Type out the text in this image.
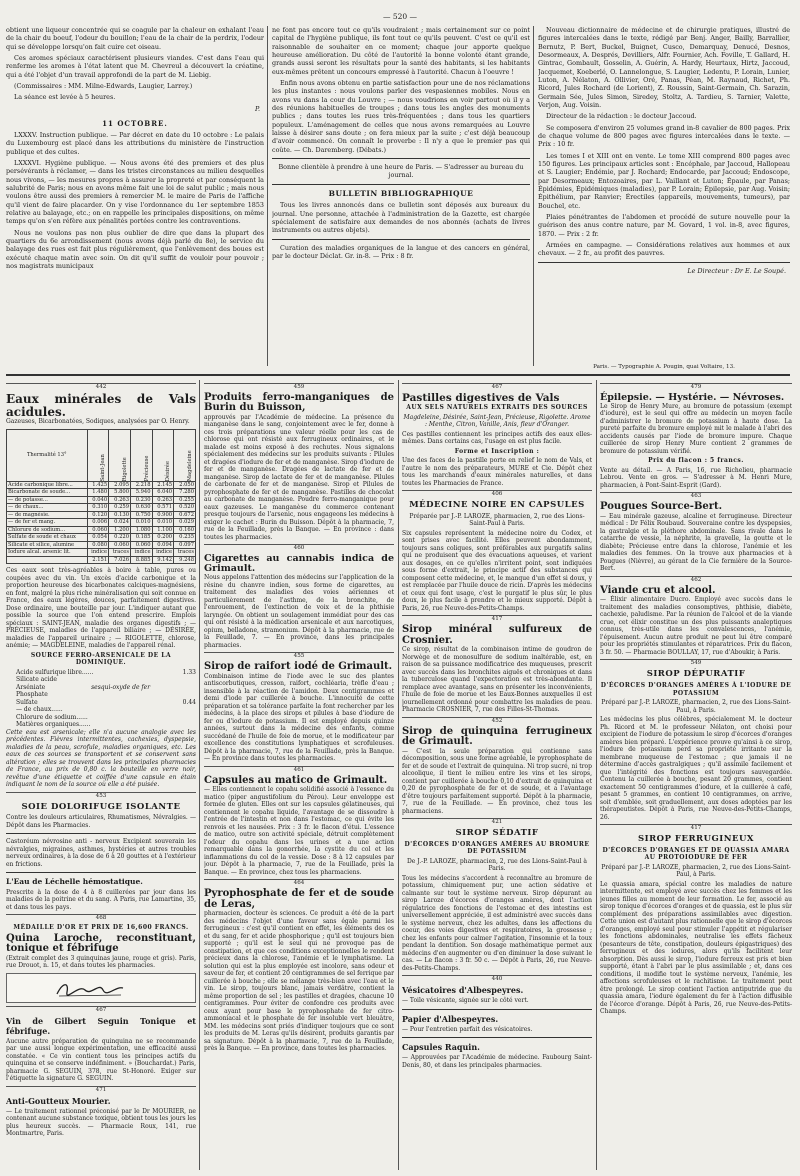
— 520 —

obtient une liqueur concentrée qui se coagule par la chaleur en exhalant l'eau de la chair du boeuf, l'odeur du bouillon; l'eau de la chair de la perdrix, l'odeur qui se développe lorsqu'on fait cuire cet oiseau.

Ces aromes spéciaux caractérisent plusieurs viandes. C'est dans l'eau qui renferme les aromes à l'état latent que M. Chevreul a découvert la créatine, qui a été l'objet d'un travail approfondi de la part de M. Liebig.

(Commissaires : MM. Milne-Edwards, Laugier, Larrey.)

La séance est levée à 5 heures.

P.
11 OCTOBRE.

LXXXV. Instruction publique. — Par décret en date du 10 octobre : Le palais du Luxembourg est placé dans les attributions du ministère de l'instruction publique et des cultes.

LXXXVI. Hygiène publique. — Nous avons été des premiers et des plus persévérants à réclamer, — dans les tristes circonstances au milieu desquelles nous vivons, — les mesures propres à assurer la propreté et par conséquent la salubrité de Paris; nous en avons même fait une loi de salut public ; mais nous voulons être aussi des premiers à remercier M. le maire de Paris de l'affiche qu'il vient de faire placarder. On y vise l'ordonnance du 1er septembre 1853 relative au balayage, etc.; on en rappelle les principales dispositions, on même temps qu'on s'en réfère aux pénalités portées contre les contraventions.

Nous ne voulons pas non plus oublier de dire que dans la plupart des quartiers du 6e arrondissement (nous avons déjà parlé du 8e), le service du balayage des rues est fait plus régulièrement, que l'enlèvement des boues est exécuté chaque matin avec soin. On dit qu'il suffit de vouloir pour pouvoir ; nos magistrats municipaux

ne font pas encore tout ce qu'ils voudraient ; mais certainement sur ce point capital de l'hygiène publique, ils font tout ce qu'ils peuvent. C'est ce qu'il est raisonnable de souhaiter en ce moment; chaque jour apporte quelque heureuse amélioration. Du côté de l'autorité la bonne volonté étant grande, grands aussi seront les résultats pour la santé des habitants, si les habitants eux-mêmes prêtent un concours empressé à l'autorité. Chacun à l'oeuvre !

Enfin nous avons obtenu en partie satisfaction pour une de nos réclamations les plus instantes : nous voulons parler des vespasiennes mobiles. Nous en avons vu dans la cour du Louvre ; — nous voudrions en voir partout où il y a des réunions habituelles de troupes ; dans tous les angles des monuments publics ; dans toutes les rues très-fréquentées ; dans tous les quartiers populeux. L'aménagement de celles que nous avons remarquées au Louvre laisse à désirer sans doute ; on fera mieux par la suite ; c'est déjà beaucoup d'avoir commencé. On connaît le proverbe : Il n'y a que le premier pas qui coûte. — Ch. Daremberg. (Débats.)

Bonne clientèle à prendre à une heure de Paris. — S'adresser au bureau du journal.

BULLETIN BIBLIOGRAPHIQUE

Tous les livres annoncés dans ce bulletin sont déposés aux bureaux du journal. Une personne, attachée à l'administration de la Gazette, est chargée spécialement de satisfaire aux demandes de nos abonnés (achats de livres instruments ou autres objets).

Curation des maladies organiques de la langue et des cancers en général, par le docteur Déclat. Gr. in-8. — Prix : 8 fr.

Nouveau dictionnaire de médecine et de chirurgie pratiques, illustré de figures intercalées dans le texte, rédigé par Benj. Anger, Bailly, Barrallier, Bernutz, P. Bert, Buckel, Buignet, Cusco, Demarquay, Denucé, Desnos, Desormeaux, A. Després, Devilliers, Alfr. Fournier, Ach. Foville, T. Gallard, H. Gintrac, Gombault, Gosselin, A. Guérin, A. Hardy, Heurtaux, Hirtz, Jaccoud, Jacquemet, Koeberlé, O. Lannelongue, S. Laugier, Ledentu, P. Lorain, Lunier, Luton, A. Nélaton, A. Ollivier, Oré, Panas, Péan, M. Raynaud, Richet, Ph. Ricord, Jules Rochard (de Lorient), Z. Roussin, Saint-Germain, Ch. Sarazin, Germain Sée, Jules Simon, Siredey, Stoltz, A. Tardieu, S. Tarnier, Valette, Verjon, Aug. Voisin.

Directeur de la rédaction : le docteur Jaccoud.

Se composera d'environ 25 volumes grand in-8 cavalier de 800 pages. Prix de chaque volume de 800 pages avec figures intercalées dans le texte. — Prix : 10 fr.

Les tomes I et XIII ont en vente. Le tome XIII comprend 800 pages avec 150 figures. Les principaux articles sont : Encéphale, par Jaccoud, Hallopeau et S. Laugier; Endémie, par J. Rochard; Endocarde, par Jaccoud; Endoscope, par Desormeaux; Entozoaires, par L. Vaillant et Luton; Épaule, par Panas; Épidémies, Épidémiques (maladies), par P. Lorain; Épilepsie, par Aug. Voisin; Épithélium, par Ranvier; Érectiles (appareils, mouvements, tumeurs), par Bouchel, etc.

Plaies pénétrantes de l'abdomen et procédé de suture nouvelle pour la guérison des anus contre nature, par M. Govard, 1 vol. in-8, avec figures, 1870. — Prix : 2 fr.

Armées en campagne. — Considérations relatives aux hommes et aux chevaux. — 2 fr., au profit des pauvres.

Le Directeur : Dr E. Le Soupé.
Paris. — Typographie A. Pougin, quai Voltaire, 13.
442
Eaux minérales de Vals acidules.

Gazeuses, Bicarbonatées, Sodiques, analysées par O. Henry.

Thermalité 13°	Saint-Jean	Rigolette	Précieuse	Désirée	Magdeleine
Acide carbonique libre...	1.425	2.095	2.218	2.145	2.050
Bicarbonate de soude...	1.480	5.800	5.940	6.040	7.280
— de potasse...	0.040	0.263	0.230	0.263	0.255
— de chaux...	0.310	0.259	0.630	0.571	0.520
— de magnésie.	0.120	0.130	0.750	0.900	0.672
— de fer et mang.	0.006	0.024	0.010	0.010	0.029
Chlorure de sodium...	0.060	1.200	1.080	1.100	0.160
Sulfate de soude et chaux	0.054	0.220	0.185	0.200	0.235
Silicate et silice, alumine	0.080	0.060	0.060	0.094	0.097
Iodure alcal. arsenic lit.	indice	traces	indice	indice	traces
	2.151	7.026	8.885	9.142	9.248

Ces eaux sont très-agréables à boire à table, pures ou coupées avec du vin. Un excès d'acide carbonique et la proportion heureuse des bicarbonates calciques-magnésiens, en font, malgré la plus riche minéralisation qui soit connue en France, des eaux légères, douces, parfaitement digestives. Dose ordinaire, une bouteille par jour. L'indiquer autant que possible la source que l'on entend prescrire. Emplois spéciaux : SAINT-JEAN, maladie des organes digestifs ; — PRÉCIEUSE, maladies de l'appareil biliaire ; — DÉSIRÉE, maladies de l'appareil urinaire ; — RIGOLETTE, chlorose, anémie; — MAGDELEINE, maladies de l'appareil rénal.

SOURCE FERRO-ARSENICALE DE LA DOMINIQUE.

Acide sulfurique libre......	1.33
Silicate acide
Arséniate	sesqui-oxyde de fer
Phosphate
Sulfate	0.44
— de chaux......
Chlorure de sodium......
Matières organiques......

Cette eau est arsenicale; elle n'a aucune analogie avec les précédentes. Fièvres intermittentes, cachexies, dyspepsie, maladies de la peau, scrofule, maladies organiques, etc. Les eaux de ces sources se transportent et se conservent sans altération ; elles se trouvent dans les principales pharmacies de France, au prix de 0,80 c. la bouteille en verre noir, revêtue d'une étiquette et coiffée d'une capsule en étain indiquant le nom de la source où elle a été puisée.

453
SOIE DOLORIFUGE ISOLANTE

Contre les douleurs articulaires, Rhumatismes, Névralgies. — Dépôt dans les Pharmacies.

Castoréum névrosine anti - nerveux Excipient souverain les névralgies, migraines, asthmes, hystéries et autres troubles nerveux ordinaires, à la dose de 6 à 20 gouttes et à l'extérieur en frictions.

L'Eau de Léchelle hémostatique.

Prescrite à la dose de 4 à 8 cuillerées par jour dans les maladies de la poitrine et du sang. A Paris, rue Lamartine, 35, et dans tous les pays.

468

MÉDAILLE D'OR ET PRIX DE 16,600 FRANCS.

Quina Laroche, reconstituant, tonique et fébrifuge

(Extrait complet des 3 quinquinas jaune, rouge et gris). Paris, rue Drouot, n. 15, et dans toutes les pharmacies.

467

Vin de Gilbert Seguin Tonique et fébrifuge.

Aucune autre préparation de quinquina ne se recommande par une aussi longue expérimentation, une efficacité aussi constatée. « Ce vin contient tous les principes actifs du quinquina et se conserve indéfiniment. » (Bouchardat.) Paris, pharmacie G. SEGUIN, 378, rue St-Honoré. Exiger sur l'étiquette la signature G. SEGUIN.

471

Anti-Goutteux Mourier.

— Le traitement rationnel préconisé par le Dr MOURIER, ne contenant aucune substance toxique, obtient tous les jours les plus heureux succès. — Pharmacie Roux, 141, rue Montmartre, Paris.

459
Produits ferro-manganiques de Burin du Buisson,

approuvés par l'Académie de médecine. La présence du manganèse dans le sang, conjointement avec le fer, donne à ces trois préparations une valeur réelle pour les cas de chlorose qui ont résisté aux ferrugineux ordinaires, et le malade est moins exposé à des rechutes. Nous signalons spécialement des médecins sur les produits suivants : Pilules et dragées d'iodure de fer et de manganèse. Sirop d'iodure de fer et de manganèse. Dragées de lactate de fer et de manganèse. Sirop de lactate de fer et de manganèse. Pilules de carbonate de fer et de manganèse. Sirop et Pilules de pyrophosphate de fer et de manganèse. Pastilles de chocolat au carbonate de manganèse. Poudre ferro-manganique pour eaux gazeuses. Le manganèse du commerce contenant presque toujours de l'arsenic, nous engageons les médecins à exiger le cachet : Burin du Buisson. Dépôt à la pharmacie, 7, rue de la Feuillade, près la Banque. — En province : dans toutes les pharmacies.

460
Cigarettes au cannabis indica de Grimault.

Nous appelons l'attention des médecins sur l'application de la résine du chanvre indien, sous forme de cigarettes, au traitement des maladies des voies aériennes et particulièrement de l'asthme, de la bronchite, de l'enrouement, de l'extinction de voix et de la phthisie laryngée. On obtient un soulagement immédiat pour des cas qui ont résisté à la médication arsenicale et aux narcotiques, opium, belladone, stramonium. Dépôt à la pharmacie, rue de la Feuillade, 7. — En province, dans les principales pharmacies.

455
Sirop de raifort iodé de Grimault.

Combinaison intime de l'iode avec le suc des plantes antiscorbutiques, cresson, raifort, cochléaria, trèfle d'eau ; insensible à la réaction de l'amidon. Deux centigrammes et demi d'iode par cuillerée à bouche. L'innocuité de cette préparation et sa tolérance parfaite la font rechercher par les médecins, à la place des sirops et pilules à base d'iodure de fer ou d'iodure de potassium. Il est employé depuis quinze années, surtout dans la médecine des enfants, comme succédané de l'huile de foie de morue, et le modificateur par excellence des constitutions lymphatiques et scrofuleuses. Dépôt à la pharmacie, 7, rue de la Feuillade, près la Banque. — En province dans toutes les pharmacies.

461
Capsules au matico de Grimault.

— Elles contiennent le copahu solidifié associé à l'essence du matico (piper angustifolium du Pérou). Leur enveloppe est formée de gluten. Elles ont sur les capsules gélatineuses, qui contiennent le copahu liquide, l'avantage de se dissoudre à l'entrée de l'intestin et non dans l'estomac, ce qui évite les renvois et les nausées. Prix : 3 fr. le flacon d'étui. L'essence de matico, outre son activité spéciale, détruit complètement l'odeur du copahu dans les urines et a une action remarquable dans la gonorrhée, la cystite du col et les inflammations du col de la vessie. Dose : 8 à 12 capsules par jour. Dépôt à la pharmacie, 7, rue de la Feuillade, près la Banque. — En province, chez tous les pharmaciens.

464
Pyrophosphate de fer et de soude de Leras,

pharmacien, docteur ès sciences. Ce produit a été de la part des médecins l'objet d'une faveur sans égale parmi les ferrugineux : c'est qu'il contient en effet, les éléments des os et du sang, fer et acide phosphorique ; qu'il est toujours bien supporté ; qu'il est le seul qui ne provoque pas de constipation, et que ces conditions exceptionnelles le rendent précieux dans la chlorose, l'anémie et le lymphatisme. La solution qui est la plus employée est incolore, sans odeur et saveur de fer, et contient 20 centigrammes de sel ferrique par cuillerée à bouche ; elle se mélange très-bien avec l'eau et le vin. Le sirop, toujours blanc, jamais verdâtre, contient la même proportion de sel ; les pastilles et dragées, chacune 10 centigrammes. Pour éviter de confondre ces produits avec ceux ayant pour base le pyrophosphate de fer citro-ammoniacal et le phosphate de fer insoluble vert bleuâtre, MM. les médecins sont priés d'indiquer toujours que ce sont les produits de M. Leras qu'ils désirent, produits garantis par sa signature. Dépôt à la pharmacie, 7, rue de la Feuillade, près la Banque. — En province, dans toutes les pharmacies.

467
Pastilles digestives de Vals

AUX SELS NATURELS EXTRAITS DES SOURCES

Magdeleine, Désirée, Saint-Jean, Précieuse, Rigolette. Arome : Menthe, Citron, Vanille, Anis, fleur d'Oranger.

Ces pastilles contiennent les principes actifs des eaux elles-mêmes. Dans certains cas, l'usage en est plus facile.

Forme et Inscription :

Une des faces de la pastille porte en relief le nom de Vals, et l'autre le nom des préparateurs, MURE et Cie. Dépôt chez tous les marchands d'eaux minérales naturelles, et dans toutes les Pharmacies de France.

406
MÉDECINE NOIRE EN CAPSULES

Préparée par J.-P. LAROZE, pharmacien, 2, rue des Lions-Saint-Paul à Paris.

Six capsules représentent la médecine noire du Codex, et sont prises avec facilité. Elles peuvent abondamment, toujours sans coliques, sont préférables aux purgatifs salins qui ne produisent que des évacuations aqueuses, et varient aux dosages, en ce qu'elles n'irritent point, sont indiquées sous forme d'extrait, le principe actif des substances qui composent cette médecine, et, le manque d'un effet si doux, y est remplacée par l'huile douce de ricin. D'après les médecins et ceux qui font usage, c'est le purgatif le plus sûr, le plus doux, le plus facile à prendre et le mieux supporté. Dépôt à Paris, 26, rue Neuve-des-Petits-Champs.

417
Sirop minéral sulfureux de Crosnier.

Ce sirop, résultat de la combinaison intime de goudron de Norwège et de monosulfure de sodium inaltérable, est, en raison de sa puissance modificatrice des muqueuses, prescrit avec succès dans les bronchites aiguës et chroniques et dans la tuberculose quand l'expectoration est très-abondante. Il remplace avec avantage, sans en présenter les inconvénients, l'huile de foie de morue et les Eaux-Bonnes auxquelles il est journellement ordonné pour combattre les maladies de peau. Pharmacie CROSNIER, 7, rue des Filles-St-Thomas.

452
Sirop de quinquina ferrugineux de Grimault.

— C'est la seule préparation qui contienne sans décomposition, sous une forme agréable, le pyrophosphate de fer et de soude et l'extrait de quinquina. Ni trop sucré, ni trop alcoolique, il tient le milieu entre les vins et les sirops, contient par cuillerée à bouche 0,10 d'extrait de quinquina et 0,20 de pyrophosphate de fer et de soude, et a l'avantage d'être toujours parfaitement supporté. Dépôt à la pharmacie, 7, rue de la Feuillade. — En province, chez tous les pharmaciens.

421
SIROP SÉDATIF

D'ÉCORCES D'ORANGES AMÈRES AU BROMURE DE POTASSIUM

De J.-P. LAROZE, pharmacien, 2, rue des Lions-Saint-Paul à Paris.

Tous les médecins s'accordent à reconnaître au bromure de potassium, chimiquement pur, une action sédative et calmante sur tout le système nerveux. Sirop dépurant au sirop Laroze d'écorces d'oranges amères, dont l'action régulatrice des fonctions de l'estomac et des intestins est universellement appréciée, il est administré avec succès dans le système nerveux, chez les adultes, dans les affections du coeur, des voies digestives et respiratoires, la grossesse ; chez les enfants pour calmer l'agitation, l'insomnie et la toux pendant la dentition. Son dosage mathématique permet aux médecins d'en augmenter ou d'en diminuer la dose suivant le cas. — Le flacon : 3 fr. 50 c. — Dépôt à Paris, 26, rue Neuve-des-Petits-Champs.

440

Vésicatoires d'Albespeyres.

— Toile vésicante, signée sur le côté vert.

Papier d'Albespeyres.

— Pour l'entretien parfait des vésicatoires.

Capsules Raquin.

— Approuvées par l'Académie de médecine. Faubourg Saint-Denis, 80, et dans les principales pharmacies.

479
Épilepsie. — Hystérie. — Névroses.

Le Sirop de Henry Mure, au bromure de potassium (exempt d'iodure), est le seul qui offre au médecin un moyen facile d'administrer le bromure de potassium à haute dose. La pureté parfaite du bromure employé mit le malade à l'abri des accidents causés par l'iode de bromure impure. Chaque cuillerée de sirop Henry Mure contient 2 grammes de bromure de potassium vérifié.

Prix du flacon : 5 francs.

Vente au détail. — A Paris, 16, rue Richelieu, pharmacie Lebrou. Vente en gros. — S'adresser à M. Henri Mure, pharmacien, à Pont-Saint-Esprit (Gard).

463
Pougues Source-Bert.

— Eau minérale gazeuse, alcaline et ferrugineuse. Directeur médical : Dr Félix Roubaud. Souveraine contre les dyspepsies, la gastralgie et la pléthore abdominale. Sans rivale dans le catarrhe de vessie, la néphrite, la gravelle, la goutte et le diabète; Précieuse entre dans la chlorose, l'anémie et les maladies des femmes. On la trouve aux pharmacies et à Pougues (Nièvre), au gérant de la Cie fermière de la Source-Bert.

462
Viande cru et alcool.

— Élixir alimentaire Ducro. Employé avec succès dans le traitement des maladies consomptives, phthisie, diabète, cachexie, paludisme. Par la réunion de l'alcool et de la viande crue, cet élixir constitue un des plus puissants analeptiques connus, très-utile dans les convalescences, l'anémie, l'épuisement. Aucun autre produit ne peut lui être comparé pour les propriétés stimulantes et réparatrices. Prix du flacon, 3 fr. 50. — Pharmacie BOULLAY, 17, rue d'Aboukir, à Paris.

549
SIROP DÉPURATIF

D'ÉCORCES D'ORANGES AMÈRES À L'IODURE DE POTASSIUM

Préparé par J.-P. LAROZE, pharmacien, 2, rue des Lions-Saint-Paul, à Paris.

Les médecins les plus célèbres, spécialement M. le docteur Ph. Ricord et M. le professeur Nélaton, ont choisi pour excipient de l'iodure de potassium le sirop d'écorces d'oranges amères bien préparé. L'expérience prouve qu'ainsi à ce sirop, l'iodure de potassium perd sa propriété irritante sur la membrane muqueuse de l'estomac ; que jamais il ne détermine d'accès gastralgiques ; qu'il assimile facilement et que l'intégrité des fonctions est toujours sauvegardée. Contenu la cuillerée à bouche, pesant 20 grammes, contient exactement 50 centigrammes d'iodure, et la cuillerée à café, pesant 5 grammes, en contient 10 centigrammes, on arrive, soit d'emblée, soit graduellement, aux doses adoptées par les thérapeutistes. Dépôt à Paris, rue Neuve-des-Petits-Champs, 26.

417
SIROP FERRUGINEUX

D'ÉCORCES D'ORANGES ET DE QUASSIA AMARA AU PROTOIODURE DE FER

Préparé par J.-P. LAROZE, pharmacien, 2, rue des Lions-Saint-Paul, à Paris.

Le quassia amara, spécial contre les maladies de nature intermittente, est employé avec succès chez les femmes et les jeunes filles au moment de leur formation. Le fer, associé au sirop tonique d'écorces d'oranges et de quassia, est le plus sûr complément des préparations assimilables avec digestion. Cette union est d'autant plus rationnelle que le sirop d'écorces d'oranges, employé seul pour stimuler l'appétit et régulariser les fonctions abdominales, neutralise les effets fâcheux (pesanteurs de tête, constipation, douleurs épigastriques) des ferrugineux et des iodures, alors qu'ils facilitent leur absorption. Dès aussi le sirop, l'iodure ferreux est pris et bien supporté, étant à l'abri par le plus assimilable ; et, dans ces conditions, il modifie tout le système nerveux, l'anémie, les affections scrofuleuses et le rachitisme. Le traitement peut être prolongé. Le sirop contient l'action antiputride que du quassia amara, l'iodure également du fer à l'action diffusible de l'écorce d'orange. Dépôt à Paris, 26, rue Neuve-des-Petits-Champs.
